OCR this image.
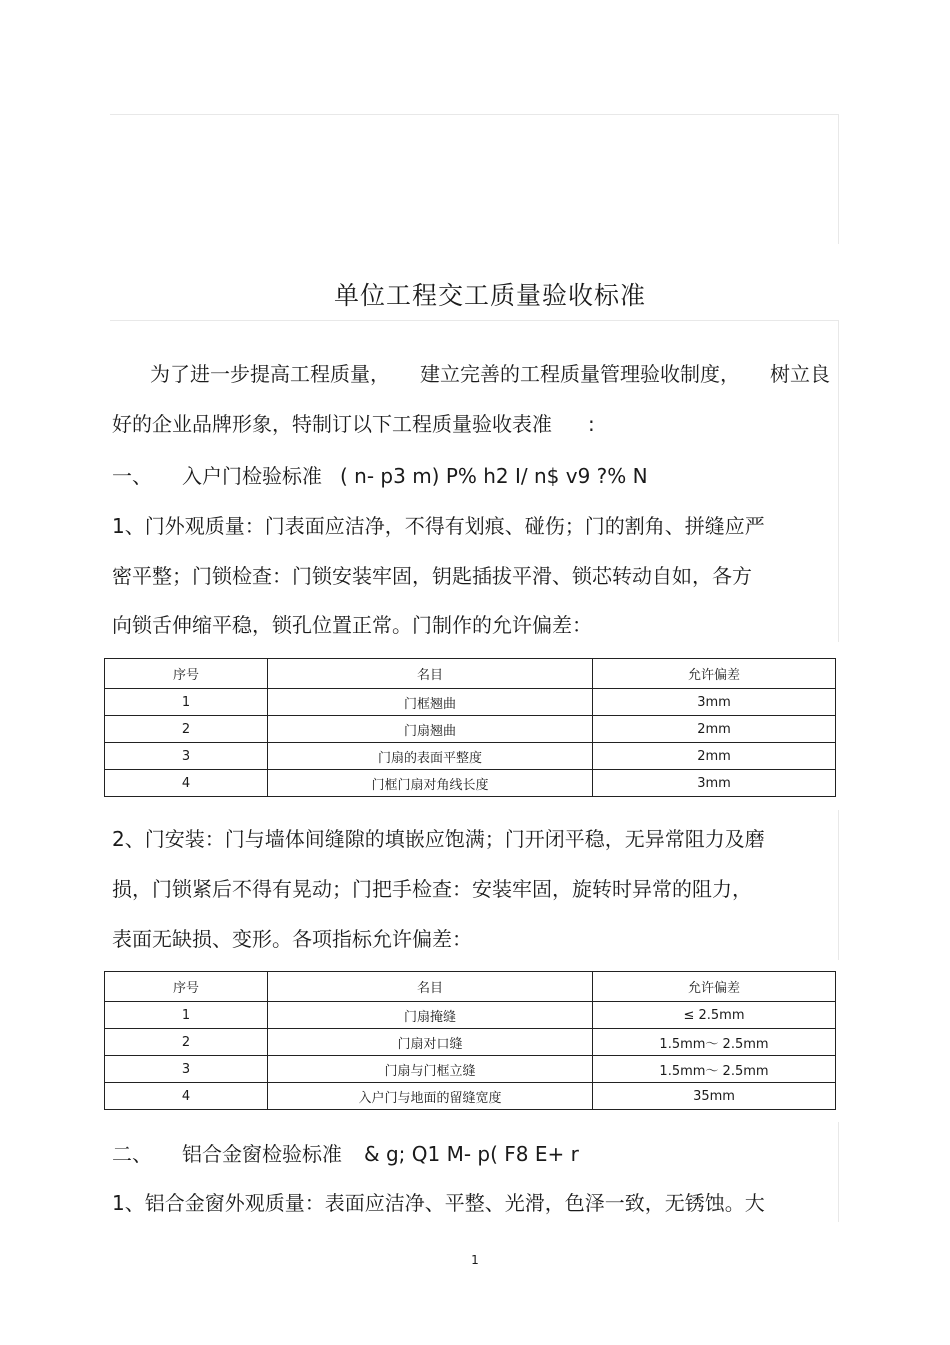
单位工程交工质量验收标准
为了进一步提高工程质量， 建立完善的工程质量管理验收制度， 树立良
好的企业品牌形象，特制订以下工程质量验收表准 :
一、 入户门检验标准 ( n- p3 m) P% h2 I/ n$ v9 ?% N
1、门外观质量：门表面应洁净，不得有划痕、碰伤；门的割角、拼缝应严
密平整；门锁检查：门锁安装牢固，钥匙插拔平滑、锁芯转动自如，各方
向锁舌伸缩平稳，锁孔位置正常。门制作的允许偏差：
序号	名目	允许偏差
1	门框翘曲	3mm
2	门扇翘曲	2mm
3	门扇的表面平整度	2mm
4	门框门扇对角线长度	3mm
2、门安装：门与墙体间缝隙的填嵌应饱满；门开闭平稳，无异常阻力及磨
损，门锁紧后不得有晃动；门把手检查：安装牢固，旋转时异常的阻力，
表面无缺损、变形。各项指标允许偏差：
序号	名目	允许偏差
1	门扇掩缝	≤ 2.5mm
2	门扇对口缝	1.5mm～ 2.5mm
3	门扇与门框立缝	1.5mm～ 2.5mm
4	入户门与地面的留缝宽度	35mm
二、 铝合金窗检验标准 & g; Q1 M- p( F8 E+ r
1、铝合金窗外观质量：表面应洁净、平整、光滑，色泽一致，无锈蚀。大
1
